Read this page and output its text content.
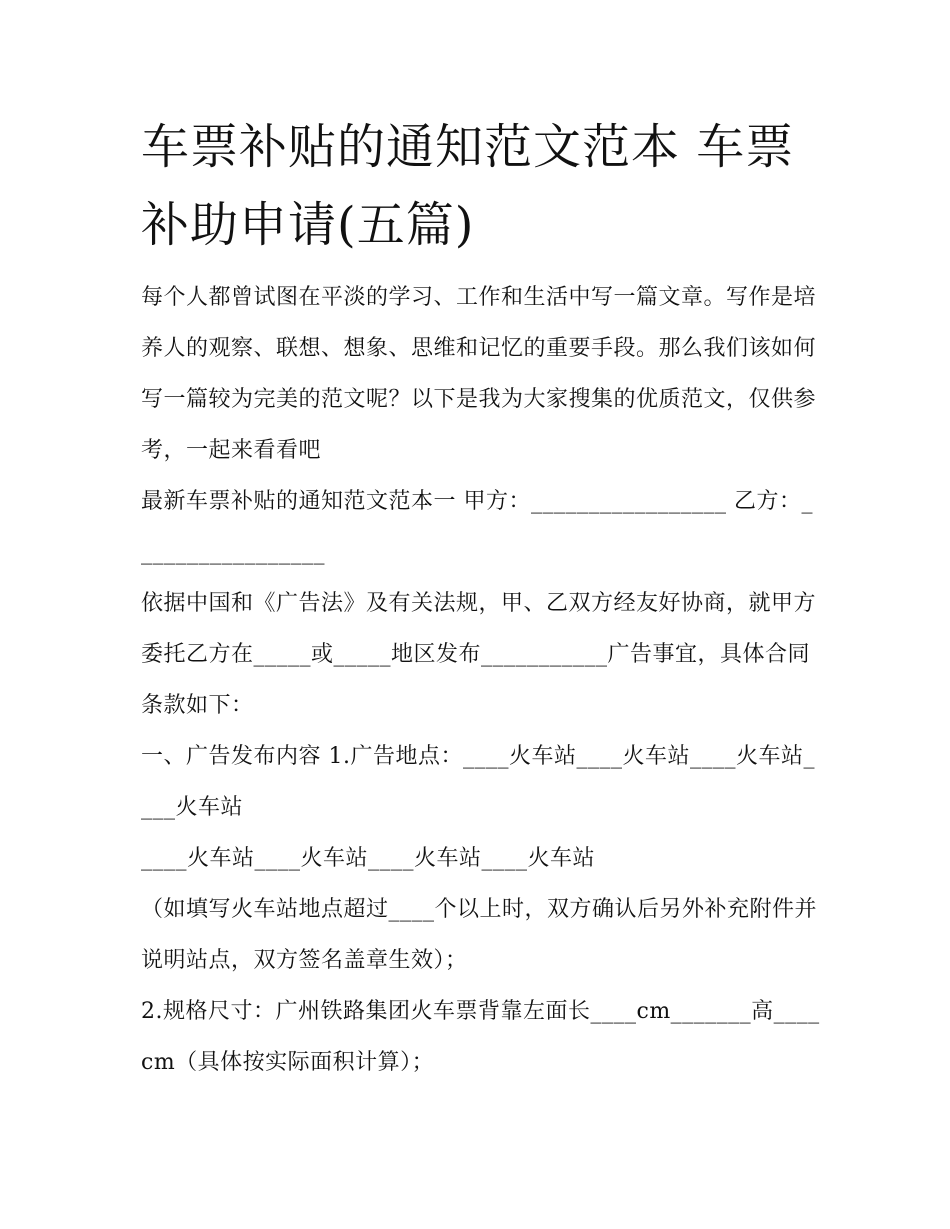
车票补贴的通知范文范本 车票补助申请(五篇)

每个人都曾试图在平淡的学习、工作和生活中写一篇文章。写作是培养人的观察、联想、想象、思维和记忆的重要手段。那么我们该如何写一篇较为完美的范文呢？以下是我为大家搜集的优质范文，仅供参考，一起来看看吧

最新车票补贴的通知范文范本一 甲方：_________________ 乙方：_________________

依据中国和《广告法》及有关法规，甲、乙双方经友好协商，就甲方委托乙方在_____或_____地区发布___________广告事宜，具体合同条款如下：

一、广告发布内容 1.广告地点：____火车站____火车站____火车站____火车站

____火车站____火车站____火车站____火车站

（如填写火车站地点超过____个以上时，双方确认后另外补充附件并说明站点，双方签名盖章生效）；

2.规格尺寸：广州铁路集团火车票背靠左面长____cm_______高____cm（具体按实际面积计算）；
